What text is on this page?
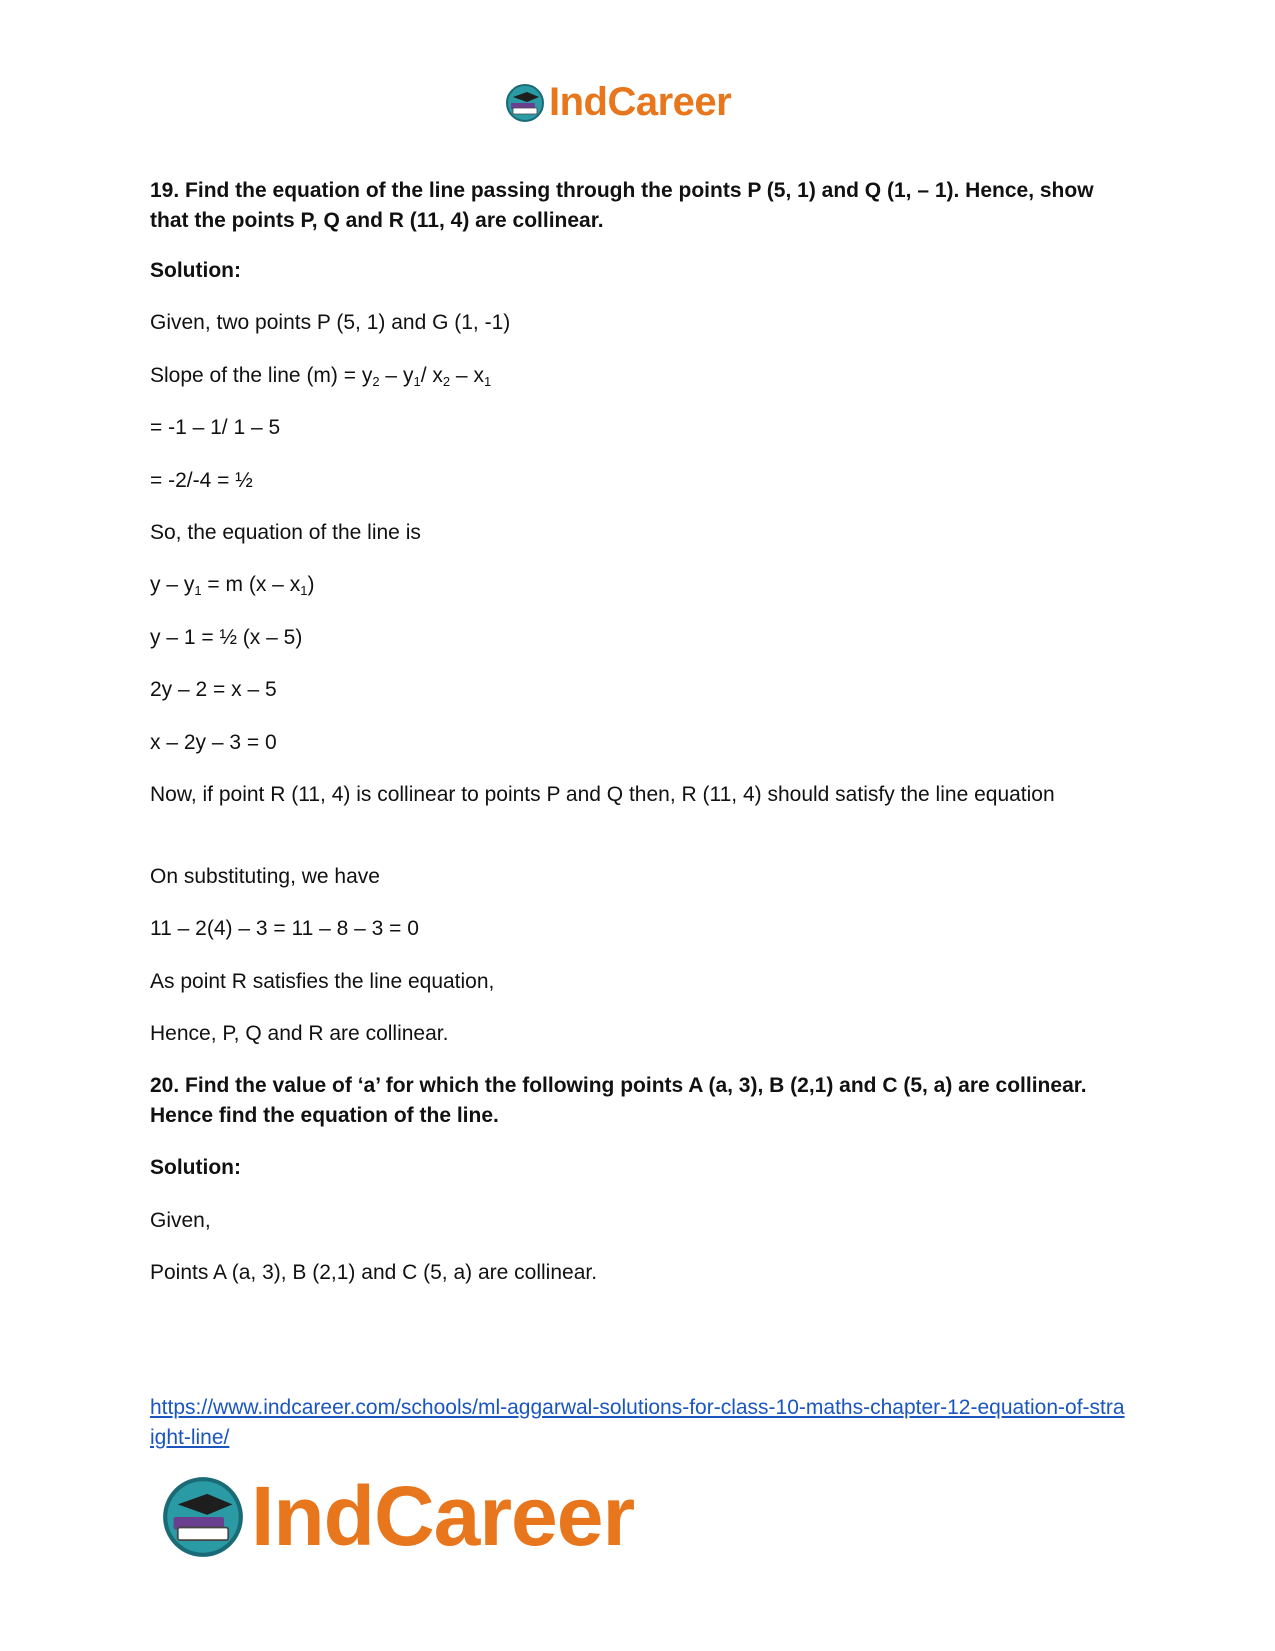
IndCareer

19. Find the equation of the line passing through the points P (5, 1) and Q (1, – 1). Hence, show that the points P, Q and R (11, 4) are collinear.

Solution:

Given, two points P (5, 1) and G (1, -1)

Slope of the line $(m) = y_2 - y_1/$ $x_2 - x_1$

= -1 – 1/ 1 – 5

= -2/-4 = ½

So, the equation of the line is

$y - y_1 = m$ $(x - x_1)$

y – 1 = ½ (x – 5)

2y – 2 = x – 5

x – 2y – 3 = 0

Now, if point R (11, 4) is collinear to points P and Q then, R (11, 4) should satisfy the line equation

On substituting, we have

11 – 2(4) – 3 = 11 – 8 – 3 = 0

As point R satisfies the line equation,

Hence, P, Q and R are collinear.

20. Find the value of ‘a’ for which the following points A (a, 3), B (2,1) and C (5, a) are collinear. Hence find the equation of the line.

Solution:

Given,

Points A (a, 3), B (2,1) and C (5, a) are collinear.

https://www.indcareer.com/schools/ml-aggarwal-solutions-for-class-10-maths-chapter-12-equation-of-straight-line/
IndCareer
